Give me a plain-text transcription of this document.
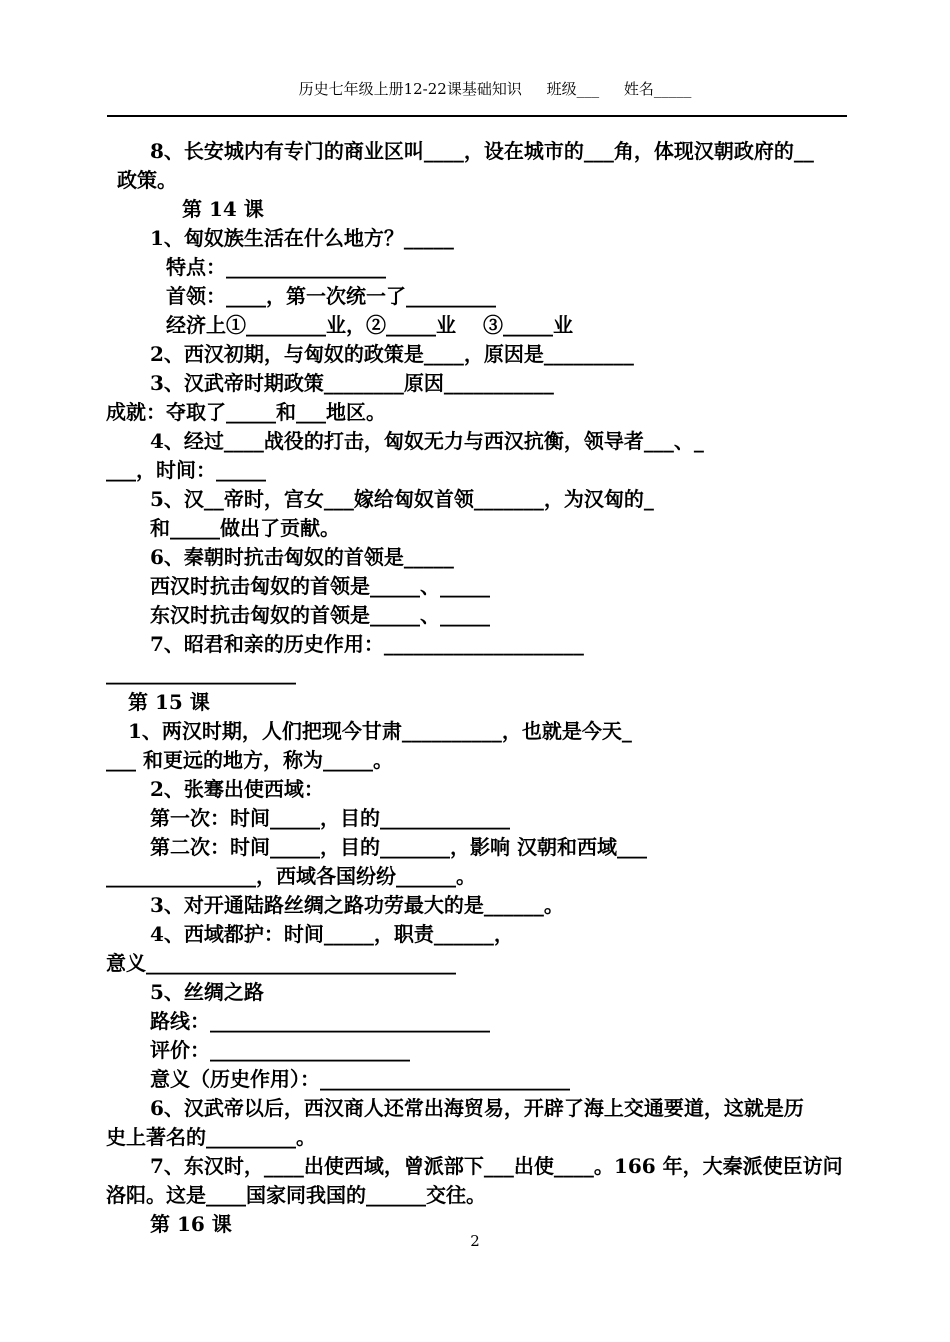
历史七年级上册12-22课基础知识 班级___ 姓名_____
8、长安城内有专门的商业区叫____，设在城市的___角，体现汉朝政府的__
政策。
第 14 课
1、匈奴族生活在什么地方？_____
特点：________________
首领：____，第一次统一了_________
经济上①________业，②_____业　 ③_____业
2、西汉初期，与匈奴的政策是____，原因是_________
3、汉武帝时期政策________原因___________
成就：夺取了_____和___地区。
4、经过____战役的打击，匈奴无力与西汉抗衡，领导者___、_
___，时间：_____
5、汉__帝时，宫女___嫁给匈奴首领_______，为汉匈的_
和_____做出了贡献。
6、秦朝时抗击匈奴的首领是_____
西汉时抗击匈奴的首领是_____、_____
东汉时抗击匈奴的首领是_____、_____
7、昭君和亲的历史作用：____________________
___________________
第 15 课
1、两汉时期，人们把现今甘肃__________，也就是今天_
___ 和更远的地方，称为_____。
2、张骞出使西域：
第一次：时间_____，目的_____________
第二次：时间_____，目的_______，影响 汉朝和西域___
_______________，西域各国纷纷______。
3、对开通陆路丝绸之路功劳最大的是______。
4、西域都护：时间_____，职责______，
意义_______________________________
5、丝绸之路
路线：____________________________
评价：____________________
意义（历史作用）：_________________________
6、汉武帝以后，西汉商人还常出海贸易，开辟了海上交通要道，这就是历
史上著名的_________。
7、东汉时，____出使西域，曾派部下___出使____。166 年，大秦派使臣访问
洛阳。这是____国家同我国的______交往。
第 16 课
2
